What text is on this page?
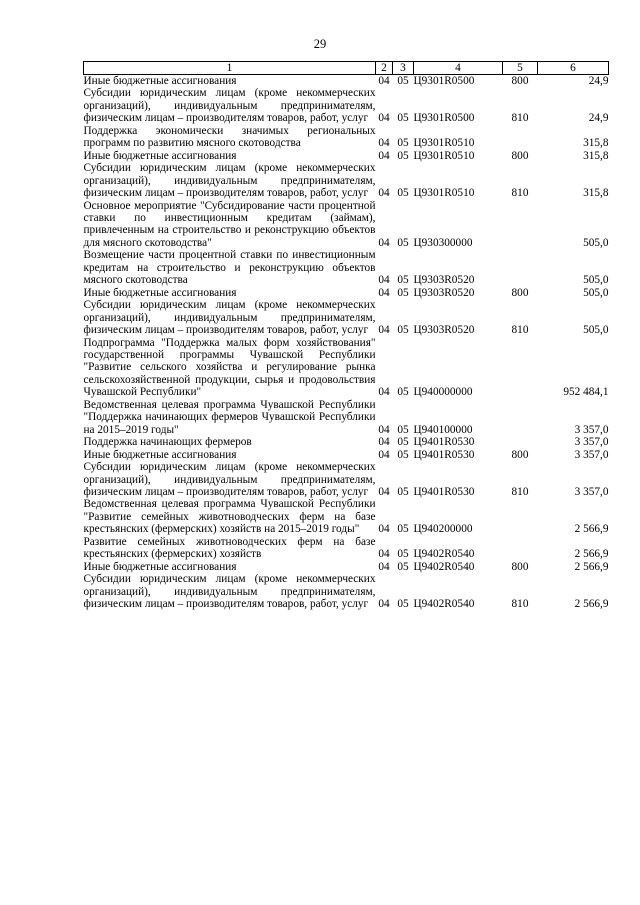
29
1	2	3	4	5	6
Иные бюджетные ассигнования	04	05	Ц9301R0500	800	24,9
Субсидии юридическим лицам (кроме некоммерческих организаций), индивидуальным предпринимателям, физическим лицам – производителям товаров, работ, услуг	04	05	Ц9301R0500	810	24,9
Поддержка экономически значимых региональных программ по развитию мясного скотоводства	04	05	Ц9301R0510		315,8
Иные бюджетные ассигнования	04	05	Ц9301R0510	800	315,8
Субсидии юридическим лицам (кроме некоммерческих организаций), индивидуальным предпринимателям, физическим лицам – производителям товаров, работ, услуг	04	05	Ц9301R0510	810	315,8
Основное мероприятие "Субсидирование части процентной ставки по инвестиционным кредитам (займам), привлеченным на строительство и реконструкцию объектов для мясного скотоводства"	04	05	Ц930300000		505,0
Возмещение части процентной ставки по инвестиционным кредитам на строительство и реконструкцию объектов мясного скотоводства	04	05	Ц9303R0520		505,0
Иные бюджетные ассигнования	04	05	Ц9303R0520	800	505,0
Субсидии юридическим лицам (кроме некоммерческих организаций), индивидуальным предпринимателям, физическим лицам – производителям товаров, работ, услуг	04	05	Ц9303R0520	810	505,0
Подпрограмма "Поддержка малых форм хозяйствования" государственной программы Чувашской Республики "Развитие сельского хозяйства и регулирование рынка сельскохозяйственной продукции, сырья и продовольствия Чувашской Республики"	04	05	Ц940000000		952 484,1
Ведомственная целевая программа Чувашской Республики "Поддержка начинающих фермеров Чувашской Республики на 2015–2019 годы"	04	05	Ц940100000		3 357,0
Поддержка начинающих фермеров	04	05	Ц9401R0530		3 357,0
Иные бюджетные ассигнования	04	05	Ц9401R0530	800	3 357,0
Субсидии юридическим лицам (кроме некоммерческих организаций), индивидуальным предпринимателям, физическим лицам – производителям товаров, работ, услуг	04	05	Ц9401R0530	810	3 357,0
Ведомственная целевая программа Чувашской Республики "Развитие семейных животноводческих ферм на базе крестьянских (фермерских) хозяйств на 2015–2019 годы"	04	05	Ц940200000		2 566,9
Развитие семейных животноводческих ферм на базе крестьянских (фермерских) хозяйств	04	05	Ц9402R0540		2 566,9
Иные бюджетные ассигнования	04	05	Ц9402R0540	800	2 566,9
Субсидии юридическим лицам (кроме некоммерческих организаций), индивидуальным предпринимателям, физическим лицам – производителям товаров, работ, услуг	04	05	Ц9402R0540	810	2 566,9
